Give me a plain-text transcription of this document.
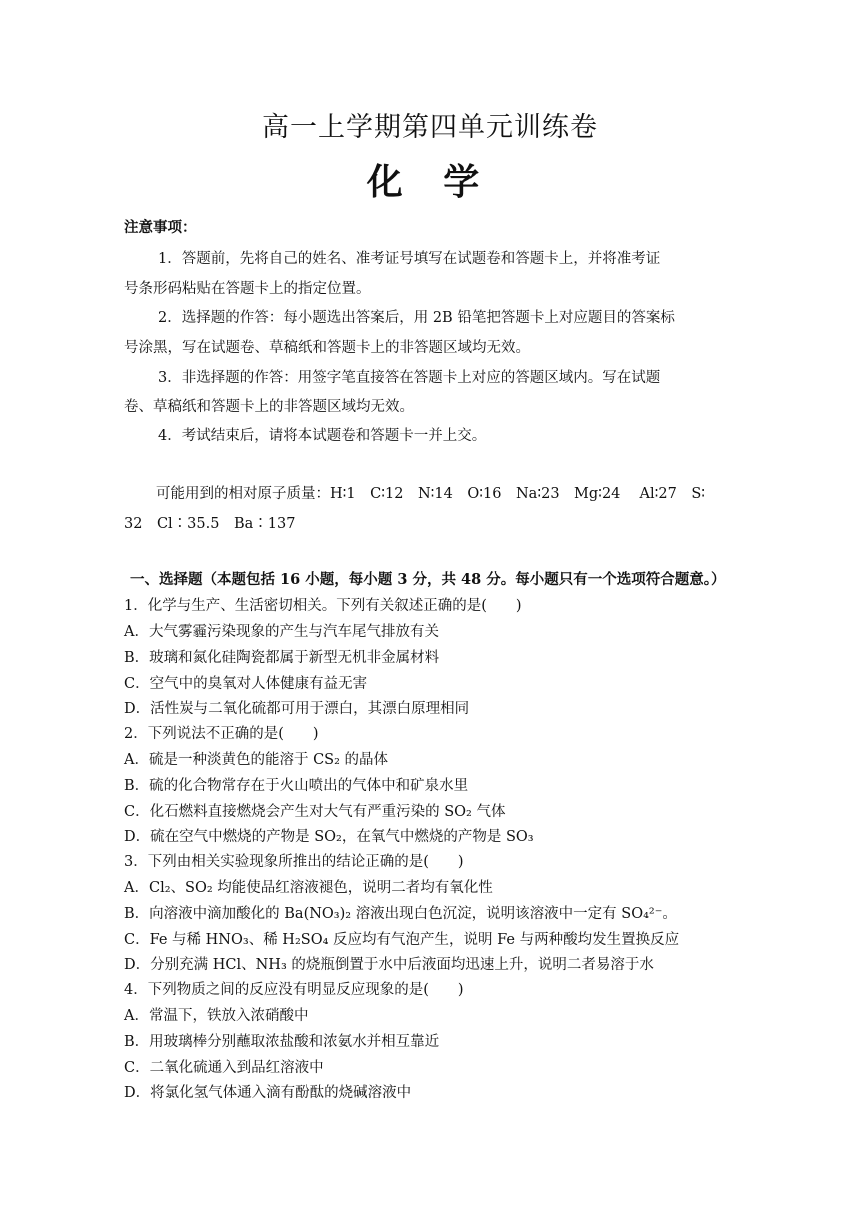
高一上学期第四单元训练卷
化 学
注意事项：
1．答题前，先将自己的姓名、准考证号填写在试题卷和答题卡上，并将准考证
号条形码粘贴在答题卡上的指定位置。
2．选择题的作答：每小题选出答案后，用 2B 铅笔把答题卡上对应题目的答案标
号涂黑，写在试题卷、草稿纸和答题卡上的非答题区域均无效。
3．非选择题的作答：用签字笔直接答在答题卡上对应的答题区域内。写在试题
卷、草稿纸和答题卡上的非答题区域均无效。
4．考试结束后，请将本试题卷和答题卡一并上交。
可能用到的相对原子质量：H∶1　C∶12　N∶14　O∶16　Na∶23　Mg∶24　 Al∶27　S∶
32　Cl∶35.5　Ba∶137
一、选择题（本题包括 16 小题，每小题 3 分，共 48 分。每小题只有一个选项符合题意。）
1．化学与生产、生活密切相关。下列有关叙述正确的是(　　)
A．大气雾霾污染现象的产生与汽车尾气排放有关
B．玻璃和氮化硅陶瓷都属于新型无机非金属材料
C．空气中的臭氧对人体健康有益无害
D．活性炭与二氧化硫都可用于漂白，其漂白原理相同
2．下列说法不正确的是(　　)
A．硫是一种淡黄色的能溶于 CS₂ 的晶体
B．硫的化合物常存在于火山喷出的气体中和矿泉水里
C．化石燃料直接燃烧会产生对大气有严重污染的 SO₂ 气体
D．硫在空气中燃烧的产物是 SO₂，在氧气中燃烧的产物是 SO₃
3．下列由相关实验现象所推出的结论正确的是(　　)
A．Cl₂、SO₂ 均能使品红溶液褪色，说明二者均有氧化性
B．向溶液中滴加酸化的 Ba(NO₃)₂ 溶液出现白色沉淀，说明该溶液中一定有 SO₄²⁻。
C．Fe 与稀 HNO₃、稀 H₂SO₄ 反应均有气泡产生，说明 Fe 与两种酸均发生置换反应
D．分别充满 HCl、NH₃ 的烧瓶倒置于水中后液面均迅速上升，说明二者易溶于水
4．下列物质之间的反应没有明显反应现象的是(　　)
A．常温下，铁放入浓硝酸中
B．用玻璃棒分别蘸取浓盐酸和浓氨水并相互靠近
C．二氧化硫通入到品红溶液中
D．将氯化氢气体通入滴有酚酞的烧碱溶液中
